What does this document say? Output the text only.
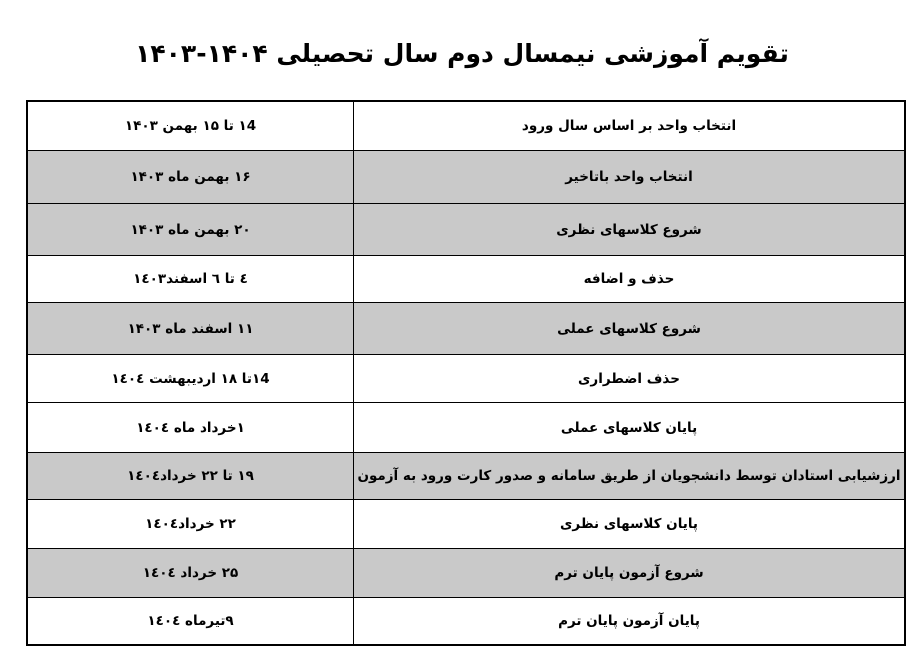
تقویم آموزشی نیمسال دوم سال تحصیلی ۱۴۰۴-۱۴۰۳
۱4 تا ۱۵ بهمن ۱۴۰۳	انتخاب واحد بر اساس سال ورود
۱۶ بهمن ماه ۱۴۰۳	انتخاب واحد باتاخیر
۲۰ بهمن ماه ۱۴۰۳	شروع کلاسهای نظری
٤ تا ٦ اسفند۱٤٠۳	حذف و اضافه
۱۱ اسفند ماه ۱۴۰۳	شروع کلاسهای عملی
۱4تا ۱۸ اردیبهشت ۱٤٠٤	حذف اضطراری
۱خرداد ماه ۱٤٠٤	پایان کلاسهای عملی
۱۹ تا ۲۲ خرداد۱٤٠٤	ارزشیابی استادان توسط دانشجویان از طریق سامانه و صدور کارت ورود به آزمون
۲۲ خرداد۱٤٠٤	پایان کلاسهای نظری
۲۵ خرداد ۱٤٠٤	شروع آزمون پایان ترم
۹تیرماه ۱٤٠٤	پایان آزمون پایان ترم
